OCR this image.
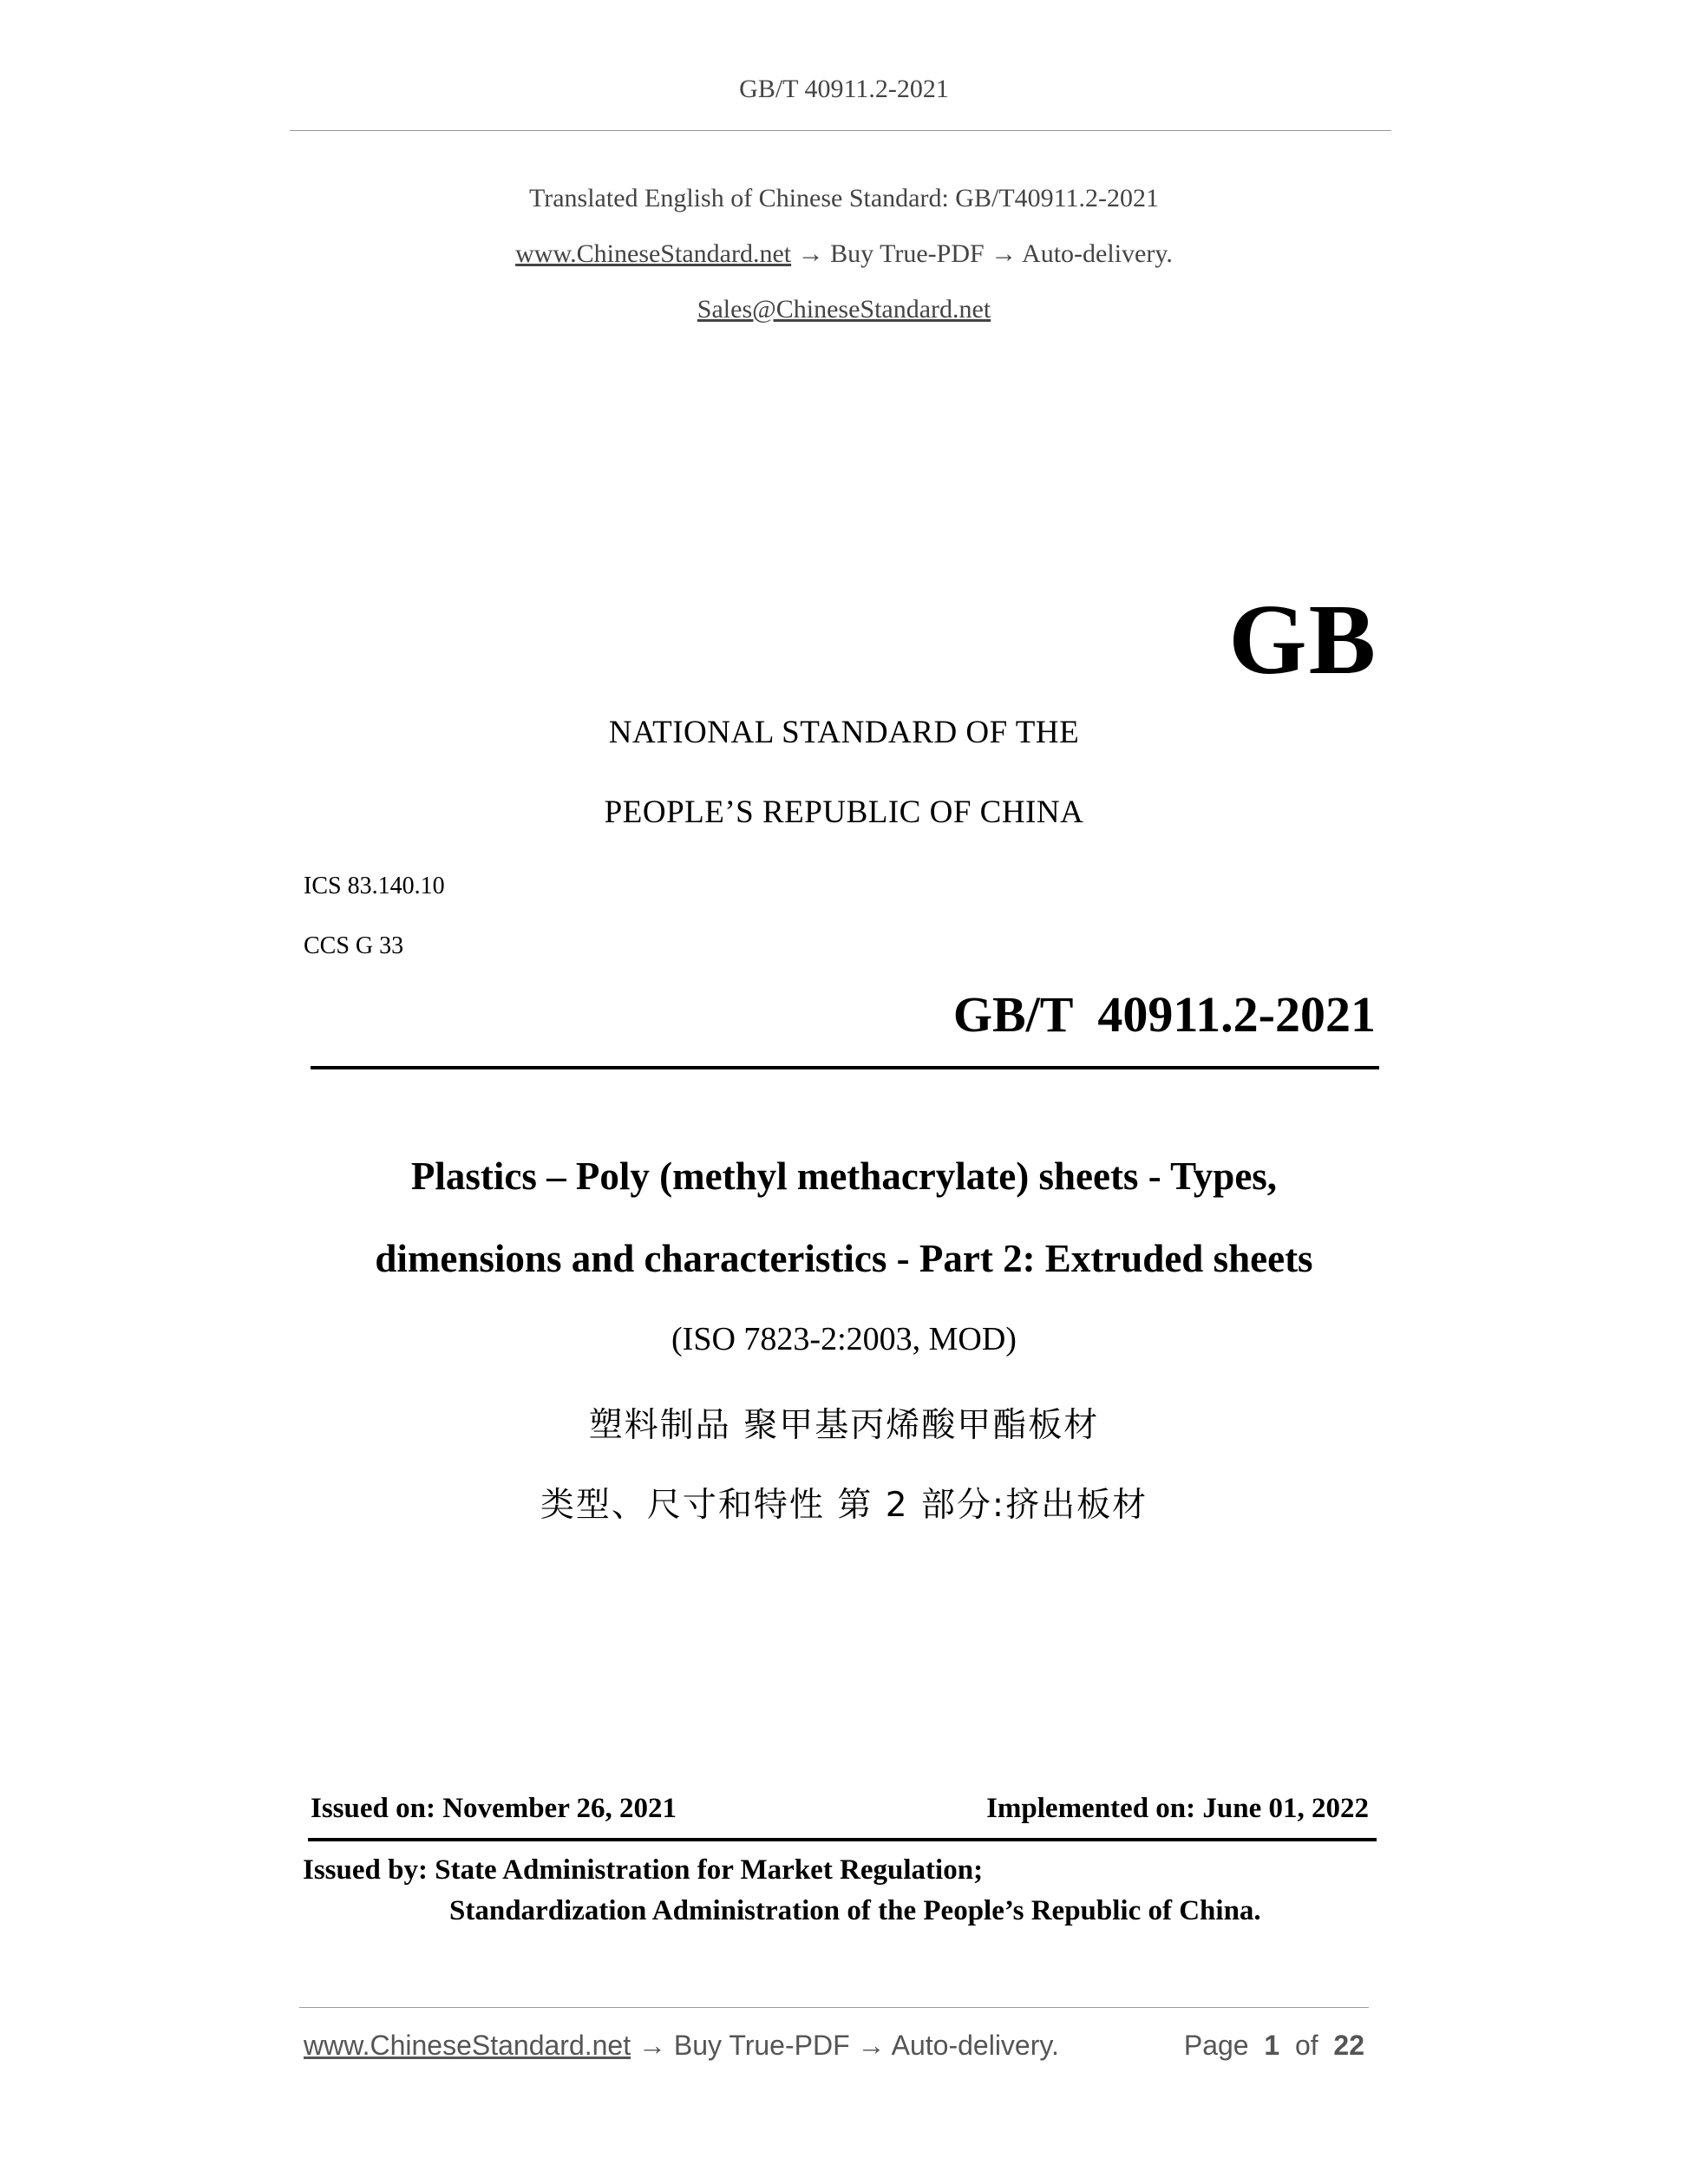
GB/T 40911.2-2021
Translated English of Chinese Standard: GB/T40911.2-2021
www.ChineseStandard.net → Buy True-PDF → Auto-delivery.
Sales@ChineseStandard.net
GB
NATIONAL STANDARD OF THE
PEOPLE’S REPUBLIC OF CHINA
ICS 83.140.10
CCS G 33
GB/T  40911.2-2021
Plastics – Poly (methyl methacrylate) sheets - Types,
dimensions and characteristics - Part 2: Extruded sheets
(ISO 7823-2:2003, MOD)
塑料制品 聚甲基丙烯酸甲酯板材
类型、尺寸和特性 第 2 部分:挤出板材
Issued on: November 26, 2021	Implemented on: June 01, 2022
Issued by: State Administration for Market Regulation;
Standardization Administration of the People’s Republic of China.
www.ChineseStandard.net → Buy True-PDF → Auto-delivery.	Page 1 of 22
